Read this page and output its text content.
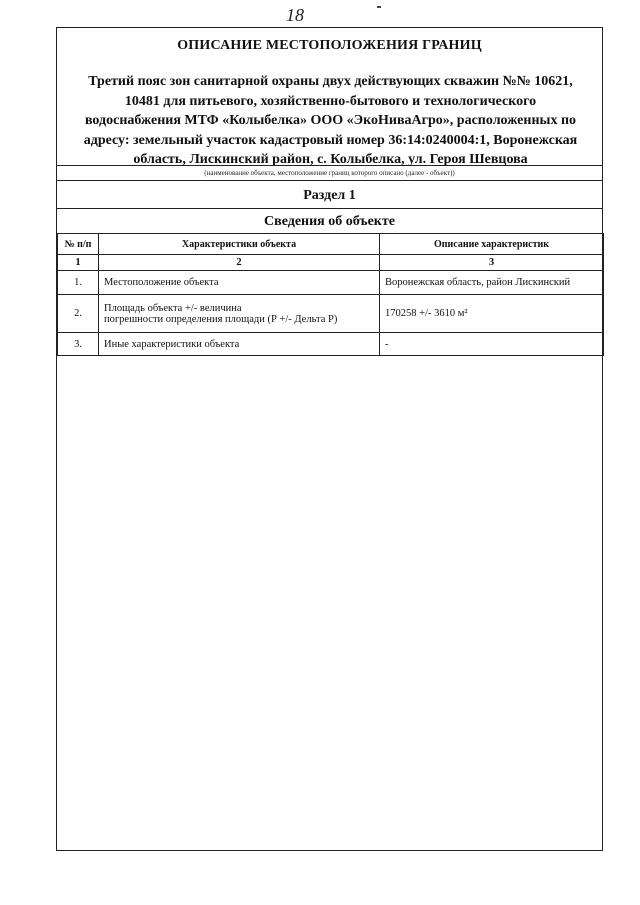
18
ОПИСАНИЕ МЕСТОПОЛОЖЕНИЯ ГРАНИЦ
Третий пояс зон санитарной охраны двух действующих скважин №№ 10621,
10481 для питьевого, хозяйственно-бытового и технологического
водоснабжения МТФ «Колыбелка» ООО «ЭкоНиваАгро», расположенных по
адресу: земельный участок кадастровый номер 36:14:0240004:1, Воронежская
область, Лискинский район, с. Колыбелка, ул. Героя Шевцова
(наименование объекта, местоположение границ которого описано (далее - объект))
Раздел 1
Сведения об объекте
№ п/п	Характеристики объекта	Описание характеристик
1	2	3
1.	Местоположение объекта	Воронежская область, район Лискинский
2.	Площадь объекта +/- величина
погрешности определения площади (Р +/- Дельта Р)	170258 +/- 3610 м²
3.	Иные характеристики объекта	-
